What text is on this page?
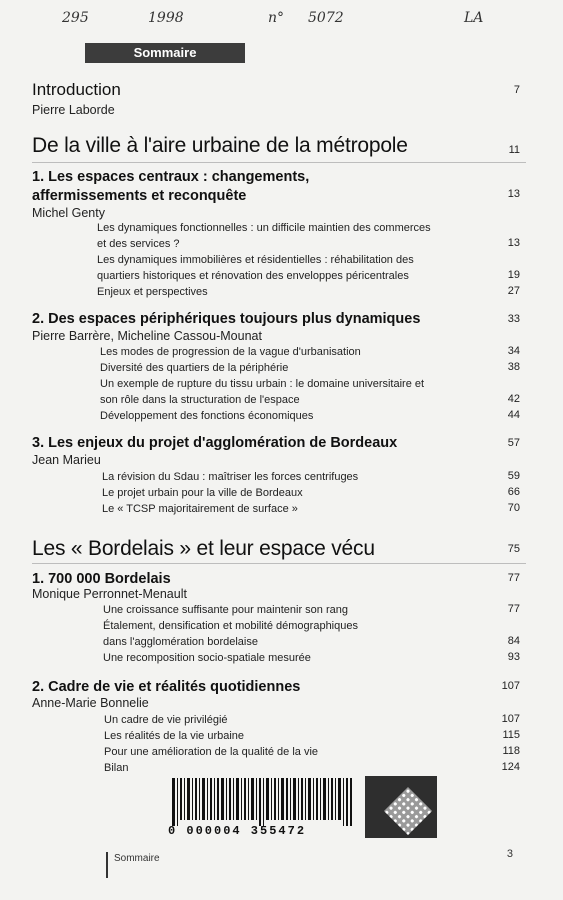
295	1998	n° 5072	LA
Sommaire
Introduction	7
Pierre Laborde
De la ville à l'aire urbaine de la métropole	11
1. Les espaces centraux : changements,
affermissements et reconquête	13
Michel Genty
Les dynamiques fonctionnelles : un difficile maintien des commerces
et des services ?	13
Les dynamiques immobilières et résidentielles : réhabilitation des
quartiers historiques et rénovation des enveloppes péricentrales	19
Enjeux et perspectives	27
2. Des espaces périphériques toujours plus dynamiques	33
Pierre Barrère, Micheline Cassou-Mounat
Les modes de progression de la vague d'urbanisation	34
Diversité des quartiers de la périphérie	38
Un exemple de rupture du tissu urbain : le domaine universitaire et
son rôle dans la structuration de l'espace	42
Développement des fonctions économiques	44
3. Les enjeux du projet d'agglomération de Bordeaux	57
Jean Marieu
La révision du Sdau : maîtriser les forces centrifuges	59
Le projet urbain pour la ville de Bordeaux	66
Le « TCSP majoritairement de surface »	70
Les « Bordelais » et leur espace vécu	75
1. 700 000 Bordelais	77
Monique Perronnet-Menault
Une croissance suffisante pour maintenir son rang	77
Étalement, densification et mobilité démographiques
dans l'agglomération bordelaise	84
Une recomposition socio-spatiale mesurée	93
2. Cadre de vie et réalités quotidiennes	107
Anne-Marie Bonnelie
Un cadre de vie privilégié	107
Les réalités de la vie urbaine	115
Pour une amélioration de la qualité de la vie	118
Bilan	124
0 000004 355472
Sommaire	3
